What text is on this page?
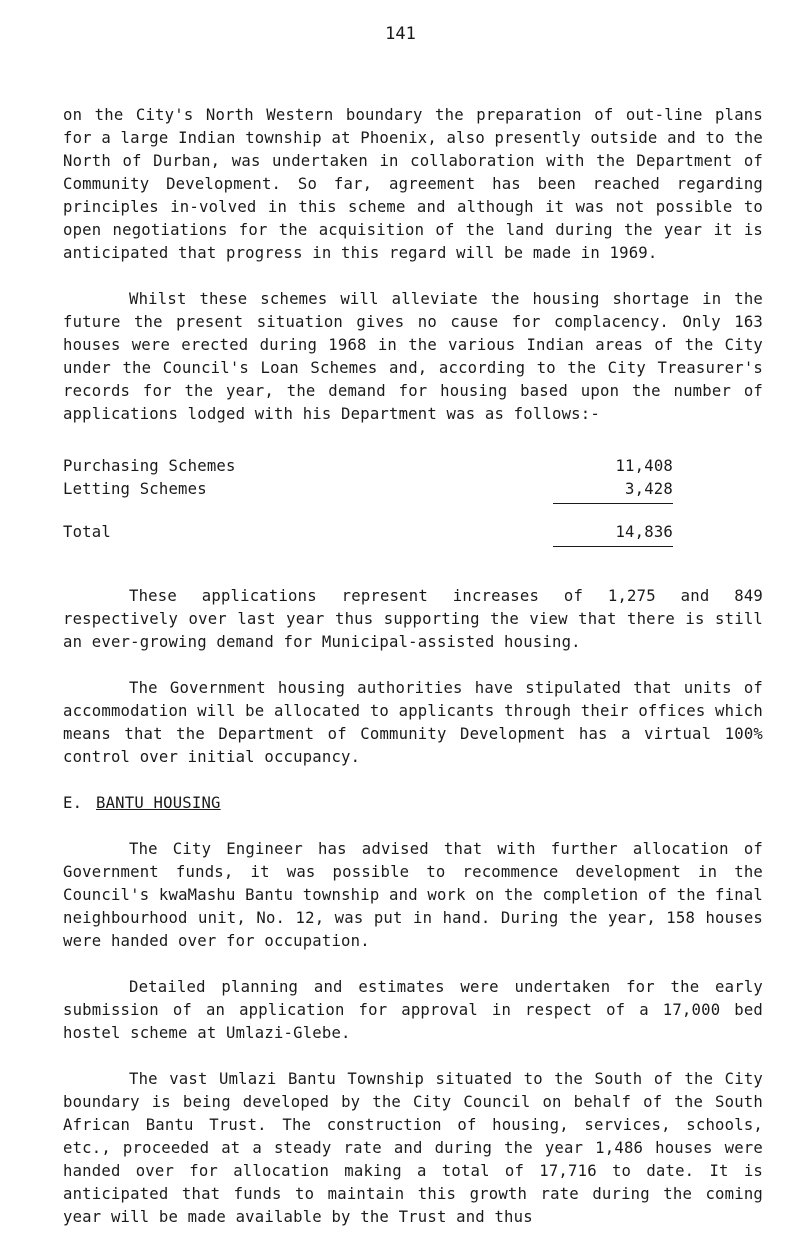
141

on the City's North Western boundary the preparation of out-line plans for a large Indian township at Phoenix, also presently outside and to the North of Durban, was undertaken in collaboration with the Department of Community Development. So far, agreement has been reached regarding principles in-volved in this scheme and although it was not possible to open negotiations for the acquisition of the land during the year it is anticipated that progress in this regard will be made in 1969.

Whilst these schemes will alleviate the housing shortage in the future the present situation gives no cause for complacency. Only 163 houses were erected during 1968 in the various Indian areas of the City under the Council's Loan Schemes and, according to the City Treasurer's records for the year, the demand for housing based upon the number of applications lodged with his Department was as follows:-

Purchasing Schemes	11,408
Letting Schemes	3,428
Total	14,836

These applications represent increases of 1,275 and 849 respectively over last year thus supporting the view that there is still an ever-growing demand for Municipal-assisted housing.

The Government housing authorities have stipulated that units of accommodation will be allocated to applicants through their offices which means that the Department of Community Development has a virtual 100% control over initial occupancy.

E. BANTU HOUSING

The City Engineer has advised that with further allocation of Government funds, it was possible to recommence development in the Council's kwaMashu Bantu township and work on the completion of the final neighbourhood unit, No. 12, was put in hand. During the year, 158 houses were handed over for occupation.

Detailed planning and estimates were undertaken for the early submission of an application for approval in respect of a 17,000 bed hostel scheme at Umlazi-Glebe.

The vast Umlazi Bantu Township situated to the South of the City boundary is being developed by the City Council on behalf of the South African Bantu Trust. The construction of housing, services, schools, etc., proceeded at a steady rate and during the year 1,486 houses were handed over for allocation making a total of 17,716 to date. It is anticipated that funds to maintain this growth rate during the coming year will be made available by the Trust and thus
